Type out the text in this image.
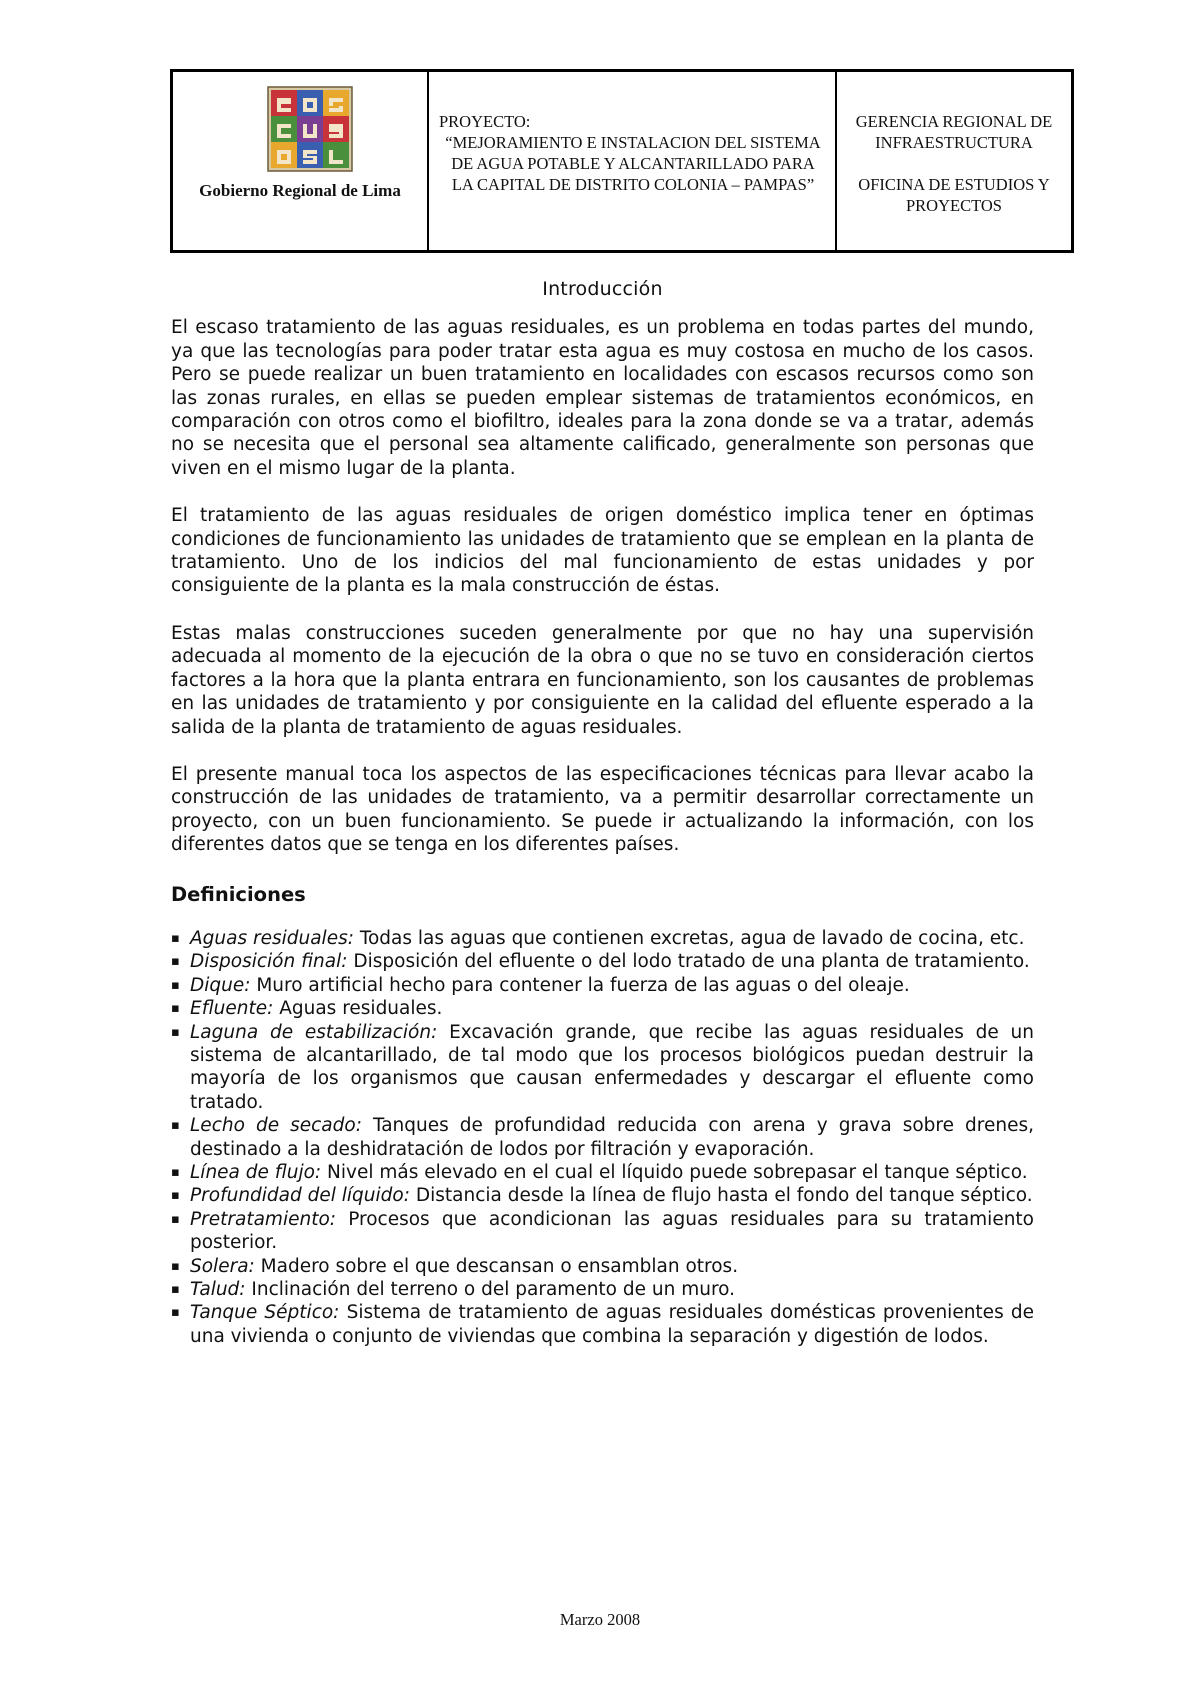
Gobierno Regional de Lima
PROYECTO:
“MEJORAMIENTO E INSTALACION DEL SISTEMA DE AGUA POTABLE Y ALCANTARILLADO PARA LA CAPITAL DE DISTRITO COLONIA – PAMPAS”
GERENCIA REGIONAL DE INFRAESTRUCTURA
OFICINA DE ESTUDIOS Y PROYECTOS
Introducción

El escaso tratamiento de las aguas residuales, es un problema en todas partes del mundo, ya que las tecnologías para poder tratar esta agua es muy costosa en mucho de los casos. Pero se puede realizar un buen tratamiento en localidades con escasos recursos como son las zonas rurales, en ellas se pueden emplear sistemas de tratamientos económicos, en comparación con otros como el biofiltro, ideales para la zona donde se va a tratar, además no se necesita que el personal sea altamente calificado, generalmente son personas que viven en el mismo lugar de la planta.

El tratamiento de las aguas residuales de origen doméstico implica tener en óptimas condiciones de funcionamiento las unidades de tratamiento que se emplean en la planta de tratamiento. Uno de los indicios del mal funcionamiento de estas unidades y por consiguiente de la planta es la mala construcción de éstas.

Estas malas construcciones suceden generalmente por que no hay una supervisión adecuada al momento de la ejecución de la obra o que no se tuvo en consideración ciertos factores a la hora que la planta entrara en funcionamiento, son los causantes de problemas en las unidades de tratamiento y por consiguiente en la calidad del efluente esperado a la salida de la planta de tratamiento de aguas residuales.

El presente manual toca los aspectos de las especificaciones técnicas para llevar acabo la construcción de las unidades de tratamiento, va a permitir desarrollar correctamente un proyecto, con un buen funcionamiento. Se puede ir actualizando la información, con los diferentes datos que se tenga en los diferentes países.

Definiciones
▪ Aguas residuales: Todas las aguas que contienen excretas, agua de lavado de cocina, etc.
▪ Disposición final: Disposición del efluente o del lodo tratado de una planta de tratamiento.
▪ Dique: Muro artificial hecho para contener la fuerza de las aguas o del oleaje.
▪ Efluente: Aguas residuales.
▪ Laguna de estabilización: Excavación grande, que recibe las aguas residuales de un sistema de alcantarillado, de tal modo que los procesos biológicos puedan destruir la mayoría de los organismos que causan enfermedades y descargar el efluente como tratado.
▪ Lecho de secado: Tanques de profundidad reducida con arena y grava sobre drenes, destinado a la deshidratación de lodos por filtración y evaporación.
▪ Línea de flujo: Nivel más elevado en el cual el líquido puede sobrepasar el tanque séptico.
▪ Profundidad del líquido: Distancia desde la línea de flujo hasta el fondo del tanque séptico.
▪ Pretratamiento: Procesos que acondicionan las aguas residuales para su tratamiento posterior.
▪ Solera: Madero sobre el que descansan o ensamblan otros.
▪ Talud: Inclinación del terreno o del paramento de un muro.
▪ Tanque Séptico: Sistema de tratamiento de aguas residuales domésticas provenientes de una vivienda o conjunto de viviendas que combina la separación y digestión de lodos.
Marzo 2008
